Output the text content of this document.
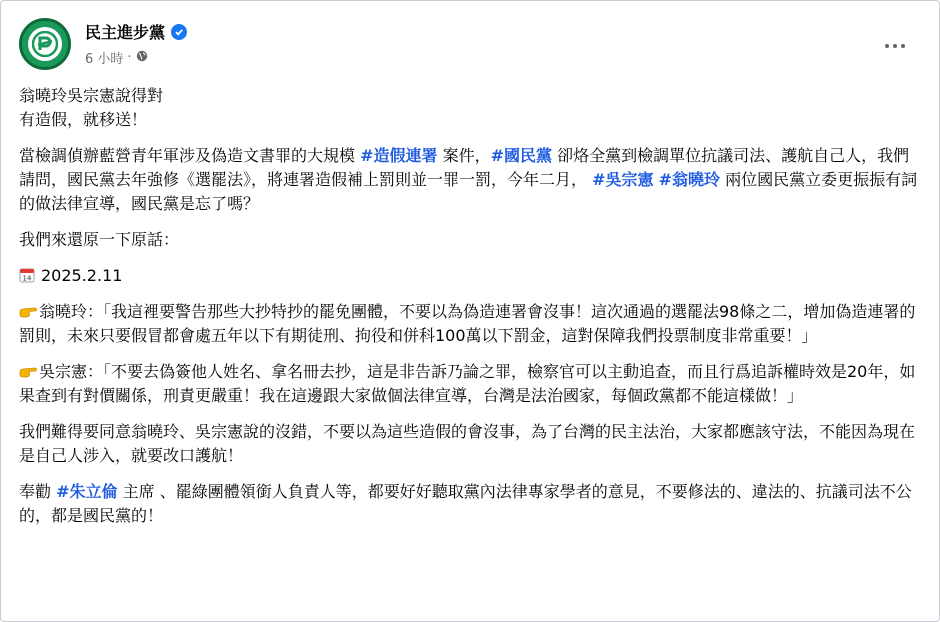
民主進步黨
6 小時 ·

翁曉玲吳宗憲說得對
有造假，就移送！

當檢調偵辦藍營青年軍涉及偽造文書罪的大規模 #造假連署 案件，#國民黨 卻烙全黨到檢調單位抗議司法、護航自己人，我們請問，國民黨去年強修《選罷法》，將連署造假補上罰則並一罪一罰，今年二月， #吳宗憲 #翁曉玲 兩位國民黨立委更振振有詞的做法律宣導，國民黨是忘了嗎？

我們來還原一下原話：

14 2025.2.11

翁曉玲：「我這裡要警告那些大抄特抄的罷免團體，不要以為偽造連署會沒事！這次通過的選罷法98條之二，增加偽造連署的罰則，未來只要假冒都會處五年以下有期徒刑、拘役和併科100萬以下罰金，這對保障我們投票制度非常重要！」

吳宗憲：「不要去偽簽他人姓名、拿名冊去抄，這是非告訴乃論之罪，檢察官可以主動追查，而且行爲追訴權時效是20年，如果查到有對價關係，刑責更嚴重！我在這邊跟大家做個法律宣導，台灣是法治國家，每個政黨都不能這樣做！」

我們難得要同意翁曉玲、吳宗憲說的沒錯，不要以為這些造假的會沒事，為了台灣的民主法治，大家都應該守法，不能因為現在是自己人涉入，就要改口護航！

奉勸 #朱立倫 主席 、罷綠團體領銜人負責人等，都要好好聽取黨內法律專家學者的意見，不要修法的、違法的、抗議司法不公的，都是國民黨的！
